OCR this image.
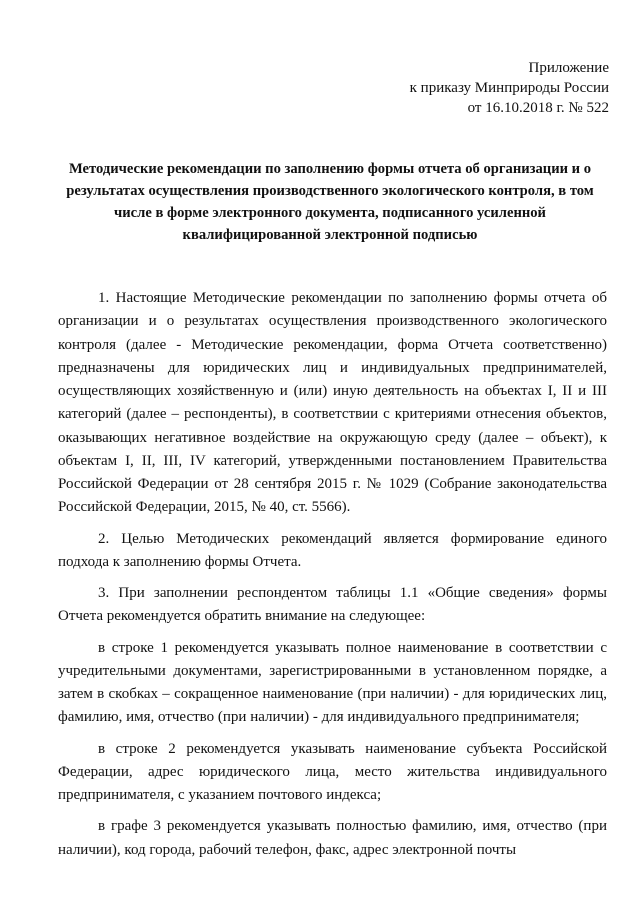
Приложение
к приказу Минприроды России
от 16.10.2018 г. № 522
Методические рекомендации по заполнению формы отчета об организации и о
результатах осуществления производственного экологического контроля, в том
числе в форме электронного документа, подписанного усиленной
квалифицированной электронной подписью

1. Настоящие Методические рекомендации по заполнению формы отчета об организации и о результатах осуществления производственного экологического контроля (далее - Методические рекомендации, форма Отчета соответственно) предназначены для юридических лиц и индивидуальных предпринимателей, осуществляющих хозяйственную и (или) иную деятельность на объектах I, II и III категорий (далее – респонденты), в соответствии с критериями отнесения объектов, оказывающих негативное воздействие на окружающую среду (далее – объект), к объектам I, II, III, IV категорий, утвержденными постановлением Правительства Российской Федерации от 28 сентября 2015 г. № 1029 (Собрание законодательства Российской Федерации, 2015, № 40, ст. 5566).

2. Целью Методических рекомендаций является формирование единого подхода к заполнению формы Отчета.

3. При заполнении респондентом таблицы 1.1 «Общие сведения» формы Отчета рекомендуется обратить внимание на следующее:

в строке 1 рекомендуется указывать полное наименование в соответствии с учредительными документами, зарегистрированными в установленном порядке, а затем в скобках – сокращенное наименование (при наличии) - для юридических лиц, фамилию, имя, отчество (при наличии) - для индивидуального предпринимателя;

в строке 2 рекомендуется указывать наименование субъекта Российской Федерации, адрес юридического лица, место жительства индивидуального предпринимателя, с указанием почтового индекса;

в графе 3 рекомендуется указывать полностью фамилию, имя, отчество (при наличии), код города, рабочий телефон, факс, адрес электронной почты
